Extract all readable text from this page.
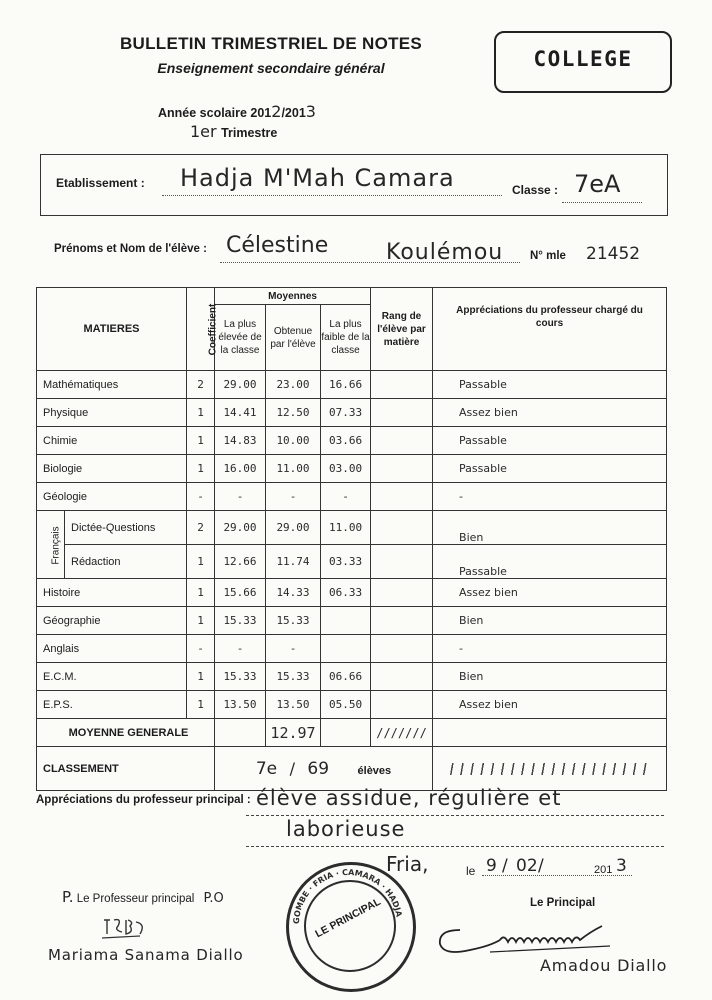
BULLETIN TRIMESTRIEL DE NOTES
Enseignement secondaire général	COLLEGE
Année scolaire 2012/2013
1er Trimestre
Etablissement : Hadja M'Mah Camara	Classe : 7eA
Prénoms et Nom de l'élève : Célestine	Koulémou N° mle 21452
MATIERES		Coefficient	Moyennes			Rang de l'élève par matière	Appréciations du professeur chargé du cours
			La plus élevée de la classe	Obtenue par l'élève	La plus faible de la classe		
Mathématiques		2	29.00	23.00	16.66		Passable
Physique		1	14.41	12.50	07.33		Assez bien
Chimie		1	14.83	10.00	03.66		Passable
Biologie		1	16.00	11.00	03.00		Passable
Géologie		-	-	-	-		-
Français	Dictée-Questions	2	29.00	29.00	11.00		Bien
	Rédaction	1	12.66	11.74	03.33		Passable
Histoire		1	15.66	14.33	06.33		Assez bien
Géographie		1	15.33	15.33			Bien
Anglais		-	-	-			-
E.C.M.		1	15.33	15.33	06.66		Bien
E.P.S.		1	13.50	13.50	05.50		Assez bien
MOYENNE GENERALE				12.97		///////	
CLASSEMENT			7e / 69 élèves				
Appréciations du professeur principal : élève assidue, régulière et
laborieuse
Fria,	le 9 / 02 /	201 3
P. Le Professeur principal P.O
Mariama Sanama Diallo
GOMBE · FRIA · CAMARA · HADJA
LE PRINCIPAL	Le Principal
Amadou Diallo
